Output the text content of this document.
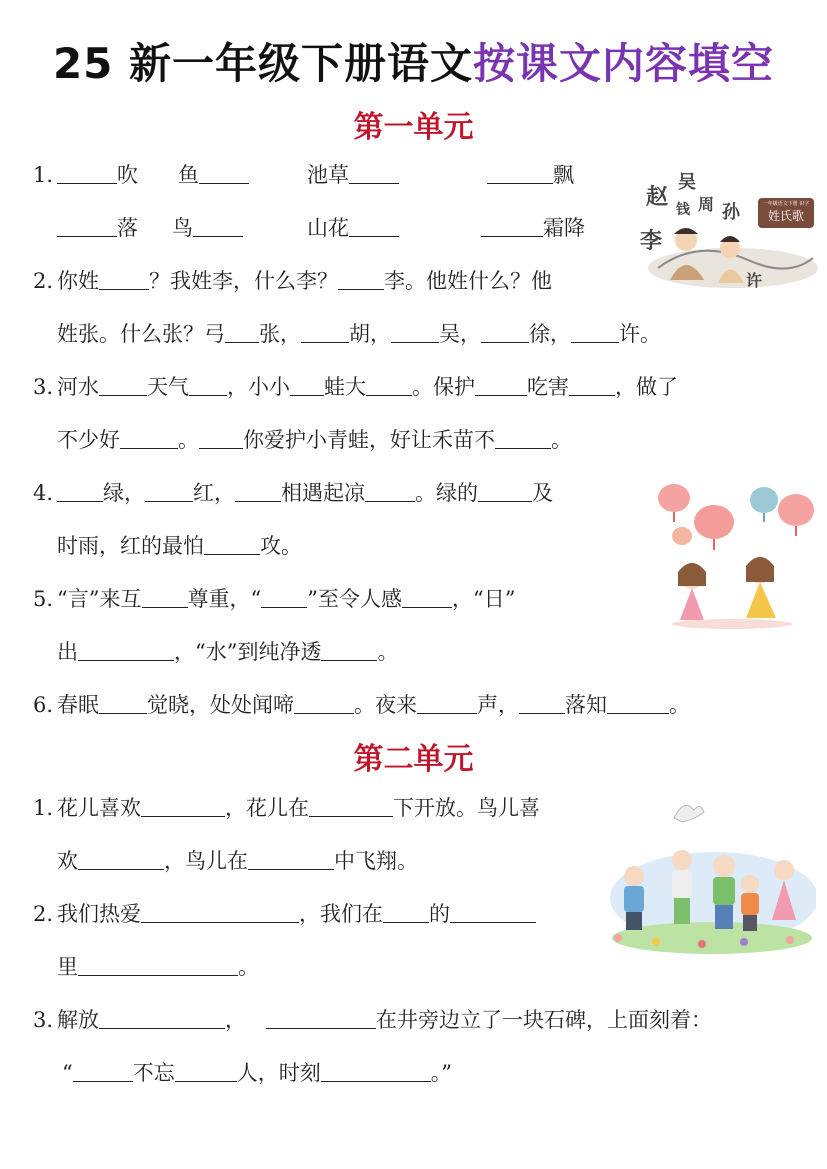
25 新一年级下册语文按课文内容填空
第一单元
1.	吹 鱼	池草	飘
落 鸟	山花	霜降
2. 你姓 ？我姓李，什么李？ 李。他姓什么？他
姓张。什么张？弓 张， 胡， 吴， 徐， 许。
3. 河水 天气 ，小小 蛙大 。保护 吃害 ，做了
不少好	。 你爱护小青蛙，好让禾苗不	。
4. 绿， 红， 相遇起凉 。绿的	及
时雨，红的最怕	攻。
5. “言”来互 尊重，“ ”至令人感 ，“日”
出	，“水”到纯净透	。
6. 春眠 觉晓，处处闻啼	。夜来	声， 落知	。
第二单元
1. 花儿喜欢	，花儿在	下开放。鸟儿喜
欢	，鸟儿在	中飞翔。
2. 我们热爱	，我们在 的
里	。
3. 解放	，	在井旁边立了一块石碑，上面刻着：
“	不忘	人，时刻	。”
一年级语文下册 识字
姓氏歌
赵
吴
周 孙
钱
李
许
